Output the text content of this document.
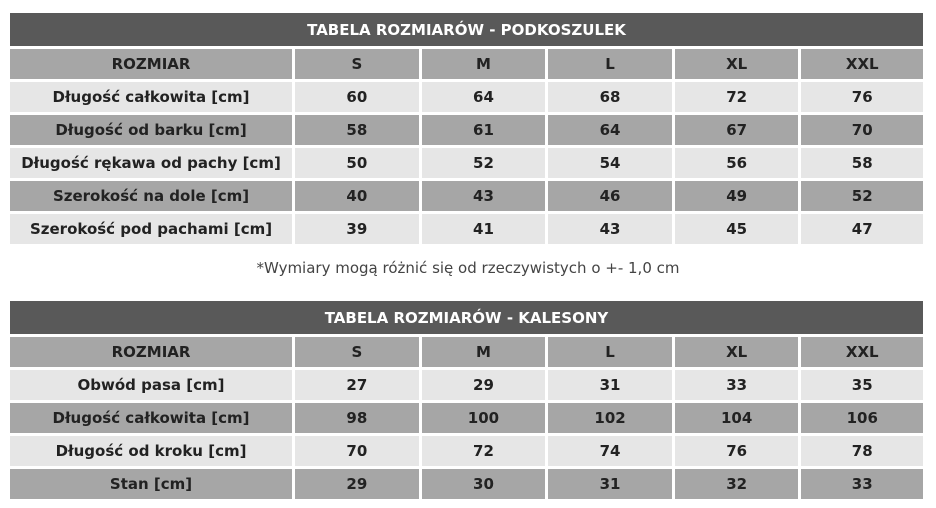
TABELA ROZMIARÓW - PODKOSZULEK
ROZMIAR	S	M	L	XL	XXL
Długość całkowita [cm]	60	64	68	72	76
Długość od barku [cm]	58	61	64	67	70
Długość rękawa od pachy [cm]	50	52	54	56	58
Szerokość na dole [cm]	40	43	46	49	52
Szerokość pod pachami [cm]	39	41	43	45	47
*Wymiary mogą różnić się od rzeczywistych o +- 1,0 cm
TABELA ROZMIARÓW - KALESONY
ROZMIAR	S	M	L	XL	XXL
Obwód pasa [cm]	27	29	31	33	35
Długość całkowita [cm]	98	100	102	104	106
Długość od kroku [cm]	70	72	74	76	78
Stan [cm]	29	30	31	32	33
